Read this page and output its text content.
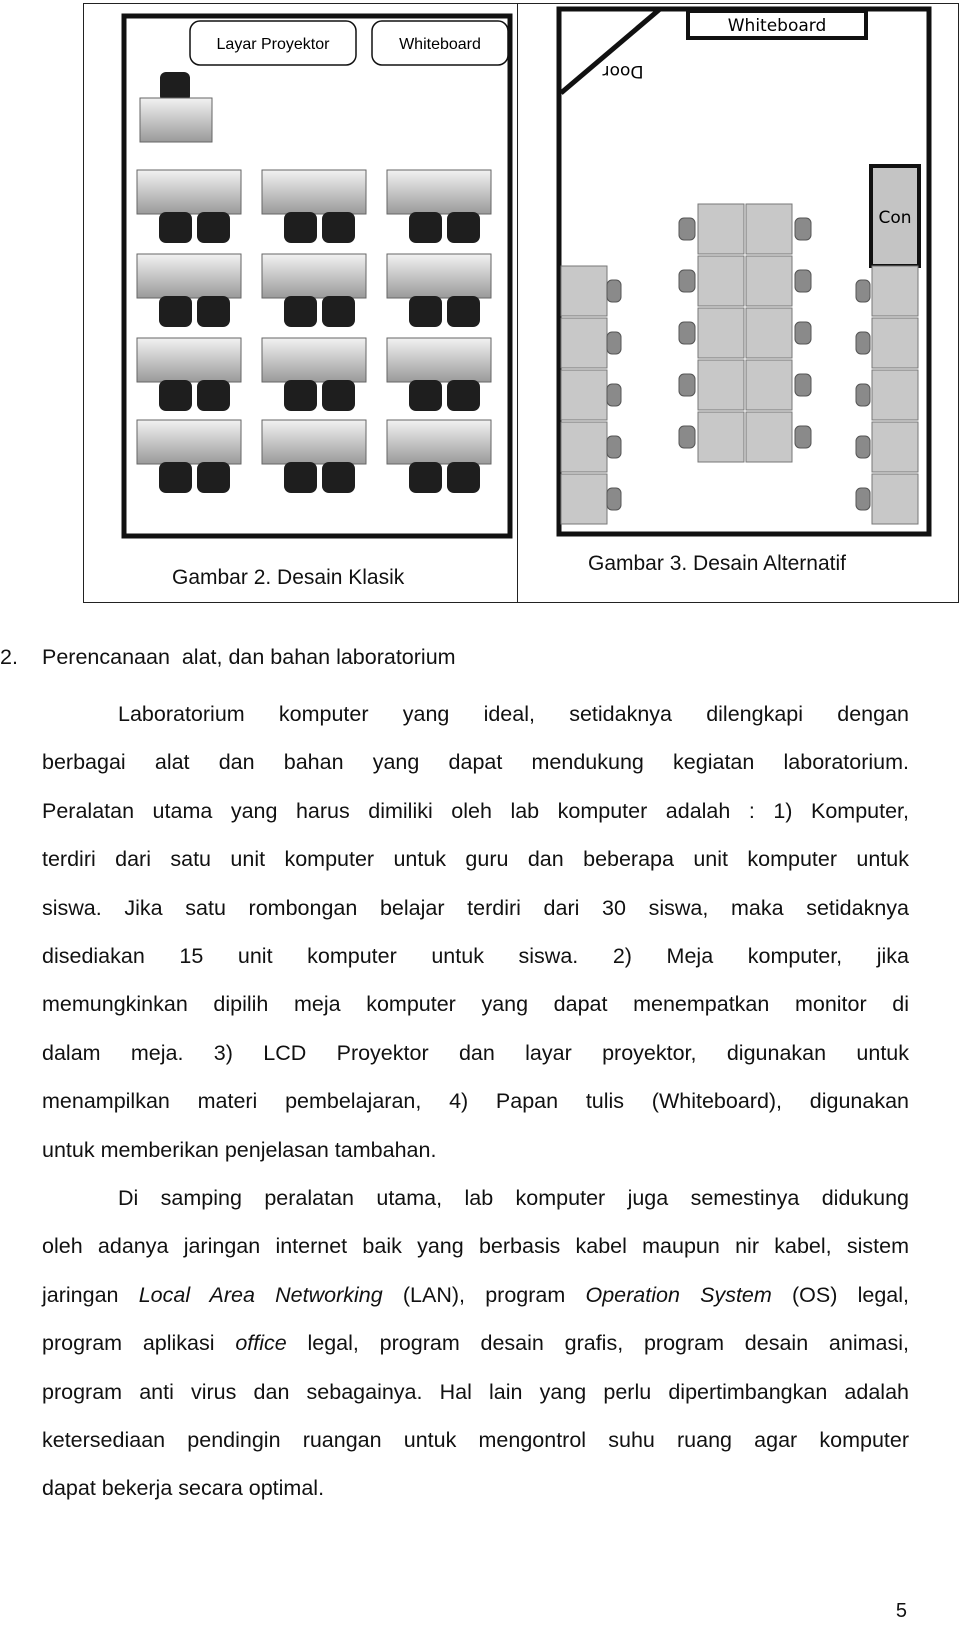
Layar Proyektor	Whiteboard
Door
Whiteboard
Con
Gambar 2. Desain Klasik
Gambar 3. Desain Alternatif
2. Perencanaan  alat, dan bahan laboratorium
Laboratorium komputer yang ideal, setidaknya dilengkapi dengan
berbagai alat dan bahan yang dapat mendukung kegiatan laboratorium.
Peralatan utama yang harus dimiliki oleh lab komputer adalah : 1) Komputer,
terdiri dari satu unit komputer untuk guru dan beberapa unit komputer untuk
siswa. Jika satu rombongan belajar terdiri dari 30 siswa, maka setidaknya
disediakan 15 unit komputer untuk siswa. 2) Meja komputer, jika
memungkinkan dipilih meja komputer yang dapat menempatkan monitor di
dalam meja. 3) LCD Proyektor dan layar proyektor, digunakan untuk
menampilkan materi pembelajaran, 4) Papan tulis (Whiteboard), digunakan
untuk memberikan penjelasan tambahan.
Di samping peralatan utama, lab komputer juga semestinya didukung
oleh adanya jaringan internet baik yang berbasis kabel maupun nir kabel, sistem
jaringan Local Area Networking (LAN), program Operation System (OS) legal,
program aplikasi office legal, program desain grafis, program desain animasi,
program anti virus dan sebagainya. Hal lain yang perlu dipertimbangkan adalah
ketersediaan pendingin ruangan untuk mengontrol suhu ruang agar komputer
dapat bekerja secara optimal.
5
